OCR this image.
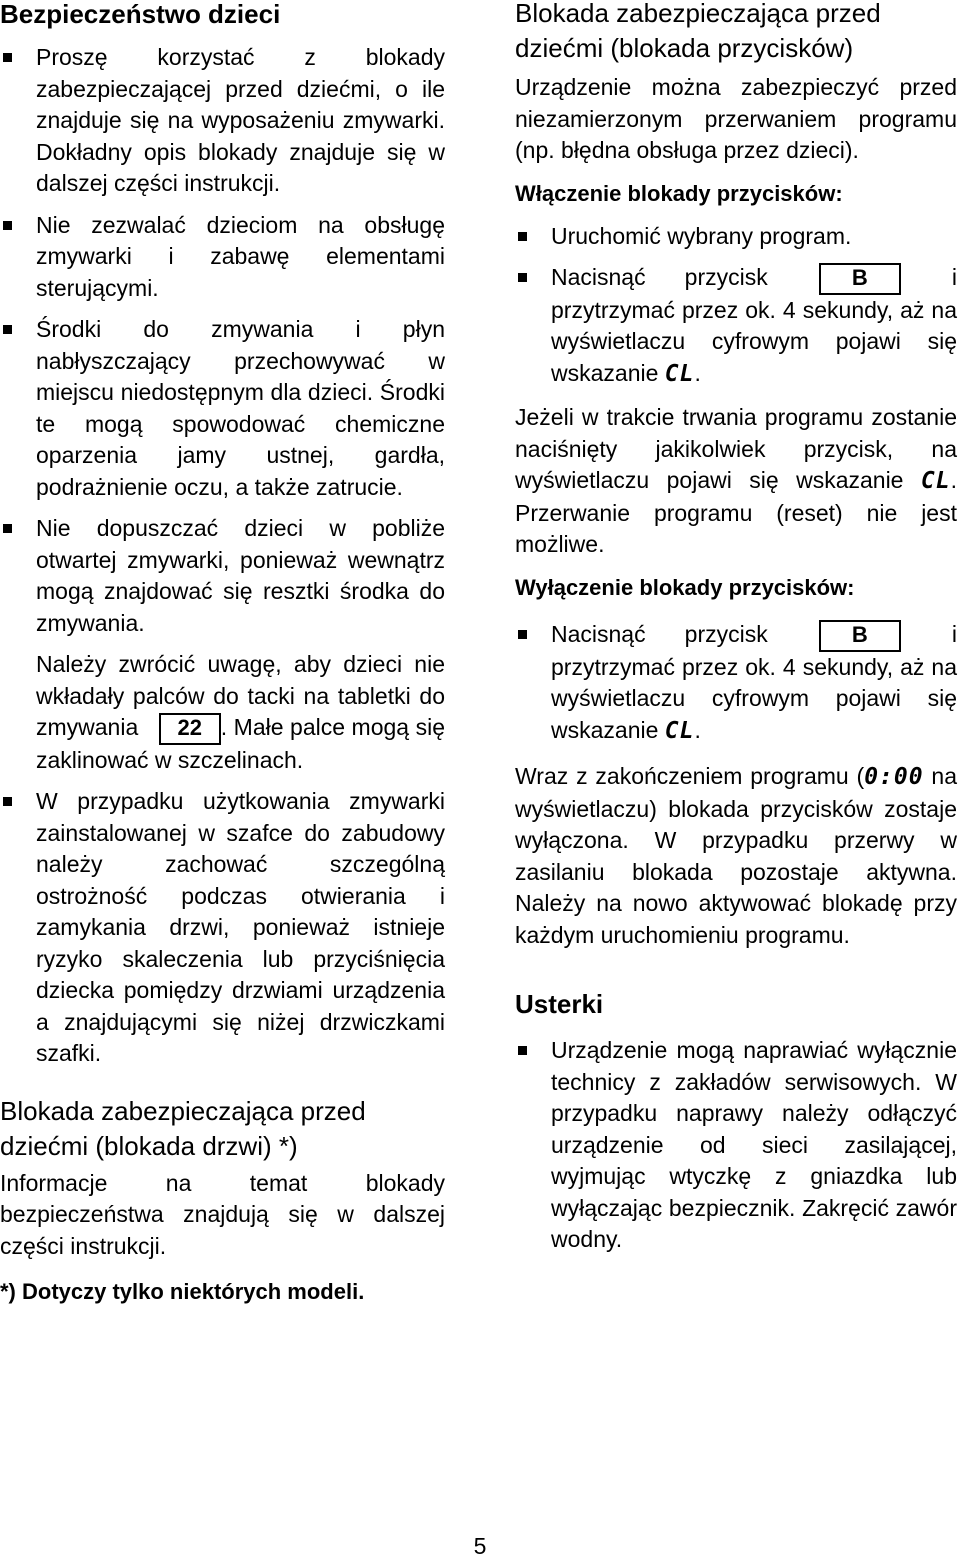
Bezpieczeństwo dzieci
Proszę korzystać z blokady zabezpieczającej przed dziećmi, o ile znajduje się na wyposażeniu zmywarki. Dokładny opis blokady znajduje się w dalszej części instrukcji.
Nie zezwalać dzieciom na obsługę zmywarki i zabawę elementami sterującymi.
Środki do zmywania i płyn nabłyszczający przechowywać w miejscu niedostępnym dla dzieci. Środki te mogą spowodować chemiczne oparzenia jamy ustnej, gardła, podrażnienie oczu, a także zatrucie.
Nie dopuszczać dzieci w pobliże otwartej zmywarki, ponieważ wewnątrz mogą znajdować się resztki środka do zmywania.

Należy zwrócić uwagę, aby dzieci nie wkładały palców do tacki na tabletki do zmywania 22 . Małe palce mogą się zaklinować w szczelinach.

W przypadku użytkowania zmywarki zainstalowanej w szafce do zabudowy należy zachować szczególną ostrożność podczas otwierania i zamykania drzwi, ponieważ istnieje ryzyko skaleczenia lub przyciśnięcia dziecka pomiędzy drzwiami urządzenia a znajdującymi się niżej drzwiczkami szafki.
Blokada zabezpieczająca przed dziećmi (blokada drzwi) *)

Informacje na temat blokady bezpieczeństwa znajdują się w dalszej części instrukcji.

*) Dotyczy tylko niektórych modeli.

Blokada zabezpieczająca przed dziećmi (blokada przycisków)

Urządzenie można zabezpieczyć przed niezamierzonym przerwaniem programu (np. błędna obsługa przez dzieci).

Włączenie blokady przycisków:
Uruchomić wybrany program.
Nacisnąć przycisk	B	i przytrzymać przez ok. 4 sekundy, aż na wyświetlaczu cyfrowym pojawi się wskazanie CL.

Jeżeli w trakcie trwania programu zostanie naciśnięty jakikolwiek przycisk, na wyświetlaczu pojawi się wskazanie CL. Przerwanie programu (reset) nie jest możliwe.

Wyłączenie blokady przycisków:
Nacisnąć przycisk	B	i przytrzymać przez ok. 4 sekundy, aż na wyświetlaczu cyfrowym pojawi się wskazanie CL.

Wraz z zakończeniem programu (0:00 na wyświetlaczu) blokada przycisków zostaje wyłączona. W przypadku przerwy w zasilaniu blokada pozostaje aktywna. Należy na nowo aktywować blokadę przy każdym uruchomieniu programu.

Usterki
Urządzenie mogą naprawiać wyłącznie technicy z zakładów serwisowych. W przypadku naprawy należy odłączyć urządzenie od sieci zasilającej, wyjmując wtyczkę z gniazdka lub wyłączając bezpiecznik. Zakręcić zawór wodny.
5
